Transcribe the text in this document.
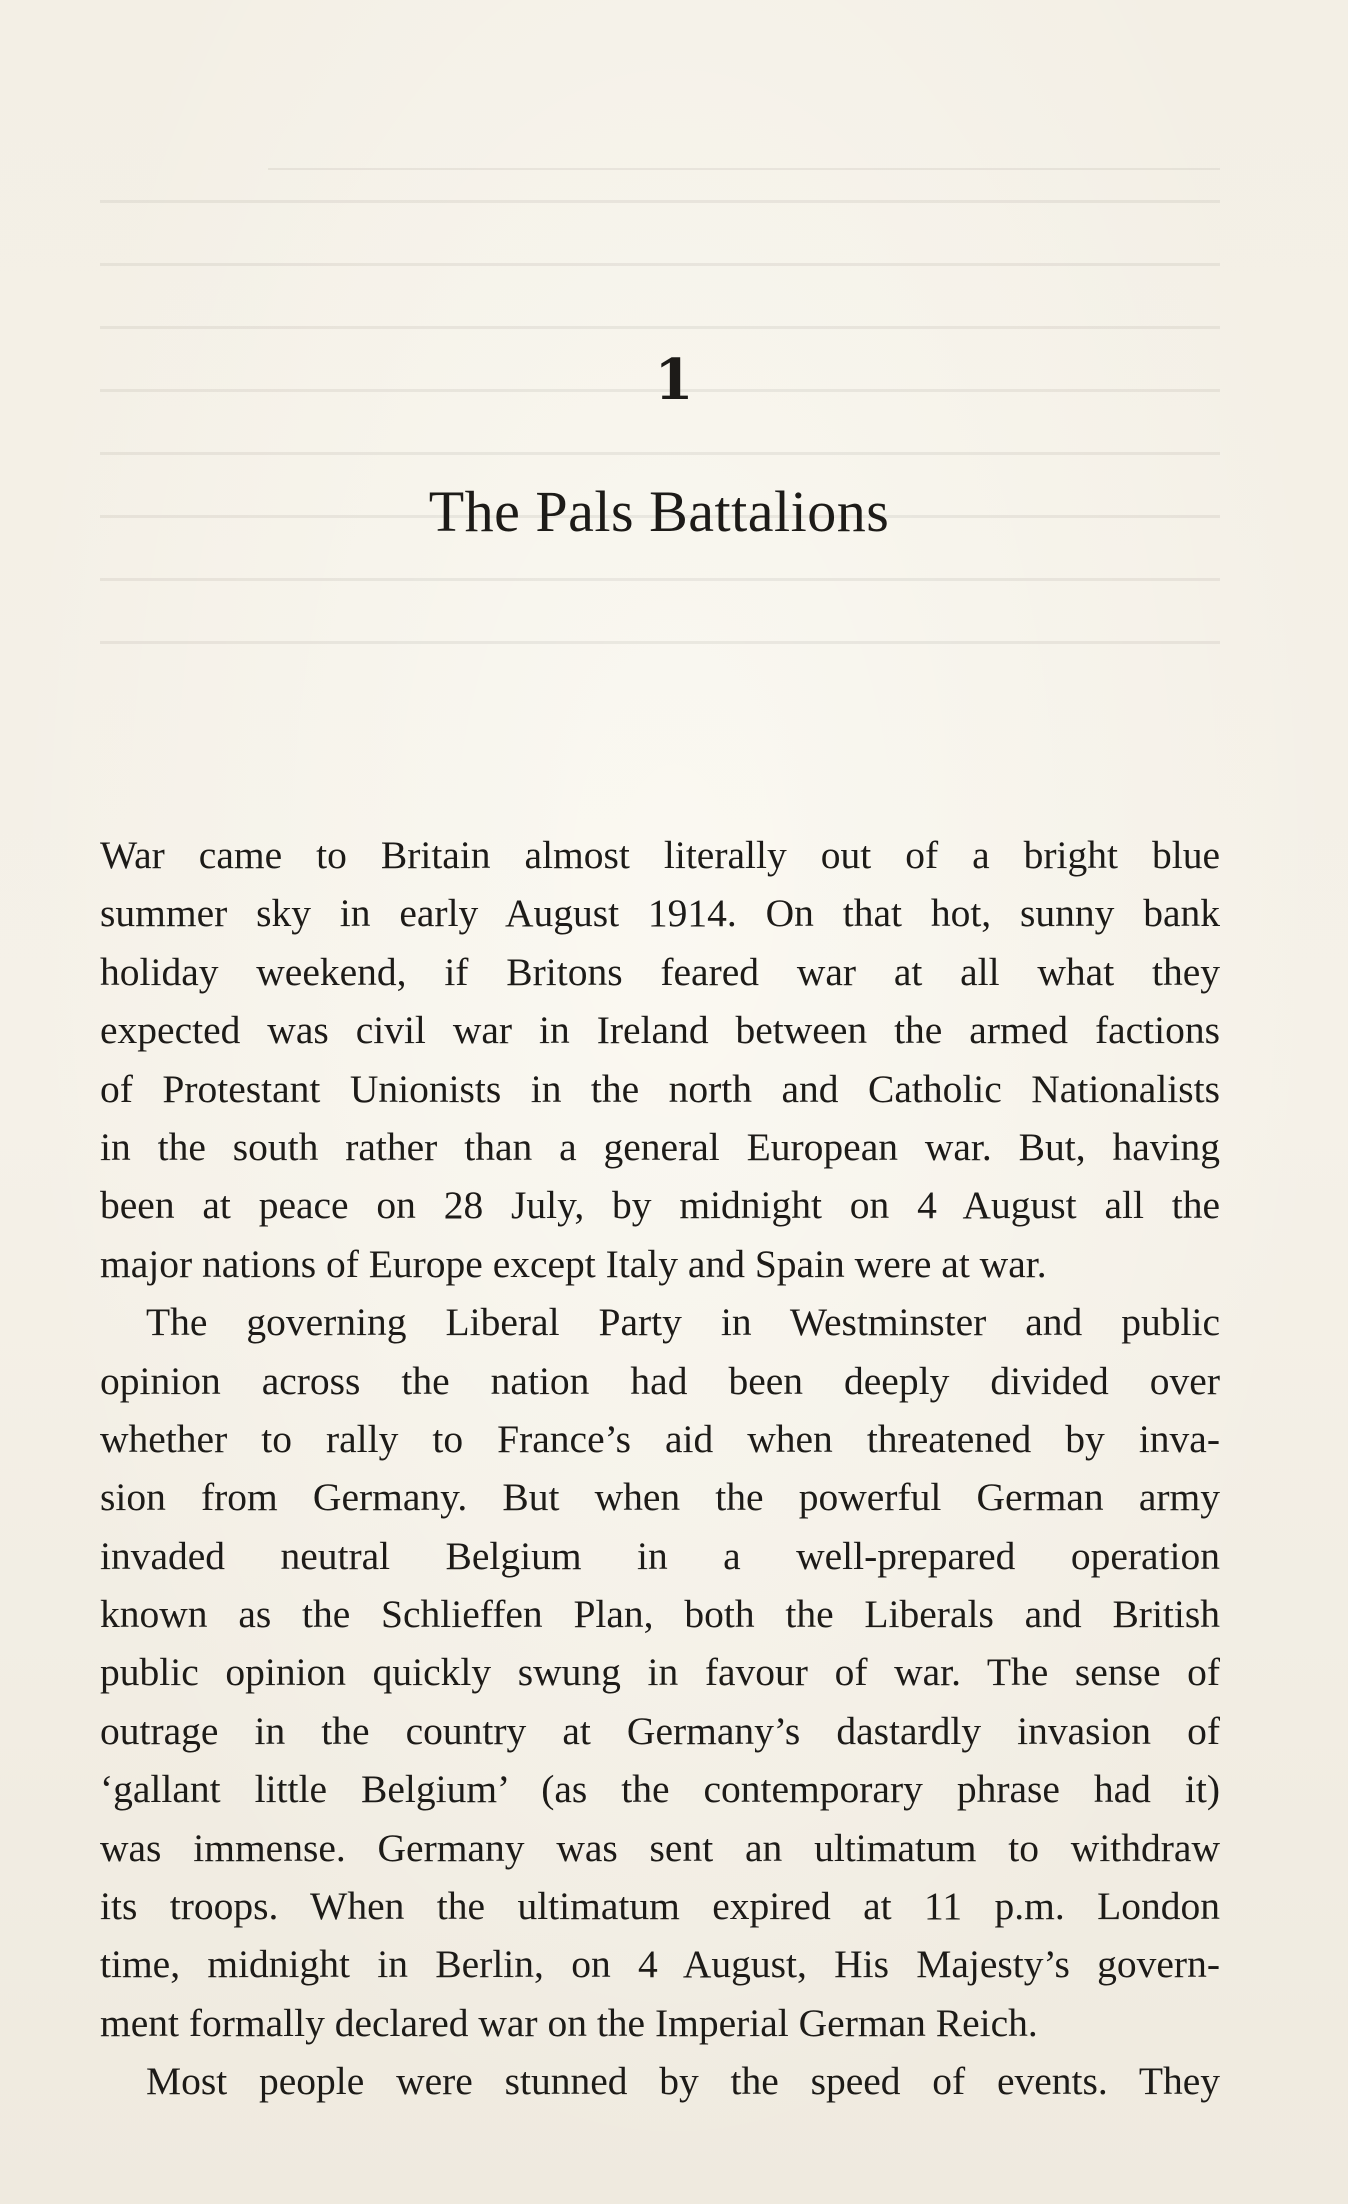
1
The Pals Battalions
War came to Britain almost literally out of a bright blue
summer sky in early August 1914. On that hot, sunny bank
holiday weekend, if Britons feared war at all what they
expected was civil war in Ireland between the armed factions
of Protestant Unionists in the north and Catholic Nationalists
in the south rather than a general European war. But, having
been at peace on 28 July, by midnight on 4 August all the
major nations of Europe except Italy and Spain were at war.
The governing Liberal Party in Westminster and public
opinion across the nation had been deeply divided over
whether to rally to France’s aid when threatened by inva-
sion from Germany. But when the powerful German army
invaded neutral Belgium in a well-prepared operation
known as the Schlieffen Plan, both the Liberals and British
public opinion quickly swung in favour of war. The sense of
outrage in the country at Germany’s dastardly invasion of
‘gallant little Belgium’ (as the contemporary phrase had it)
was immense. Germany was sent an ultimatum to withdraw
its troops. When the ultimatum expired at 11 p.m. London
time, midnight in Berlin, on 4 August, His Majesty’s govern-
ment formally declared war on the Imperial German Reich.
Most people were stunned by the speed of events. They
